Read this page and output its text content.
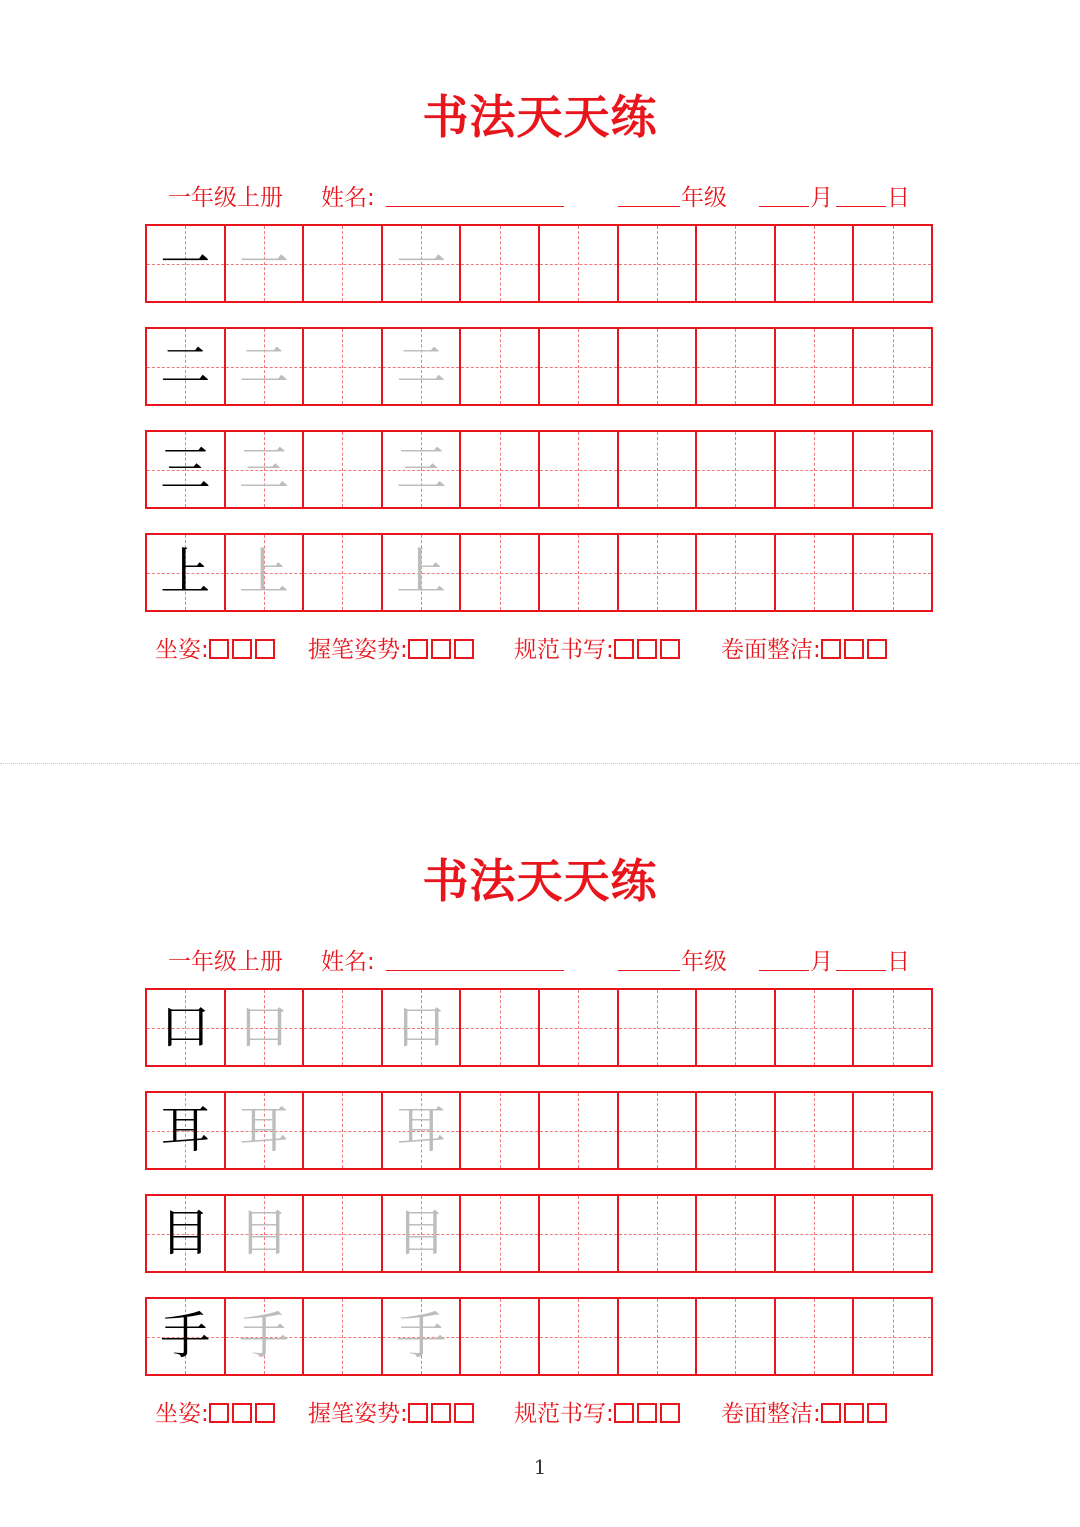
书法天天练
一年级上册 姓名:	年级	月 日
一 一 一
二 二 二
三 三 三
上 上 上
坐姿:	握笔姿势:	规范书写:	卷面整洁:
书法天天练
一年级上册 姓名:	年级	月 日
口 口 口
耳 耳 耳
目 目 目
手 手 手
坐姿:	握笔姿势:	规范书写:	卷面整洁:
1
